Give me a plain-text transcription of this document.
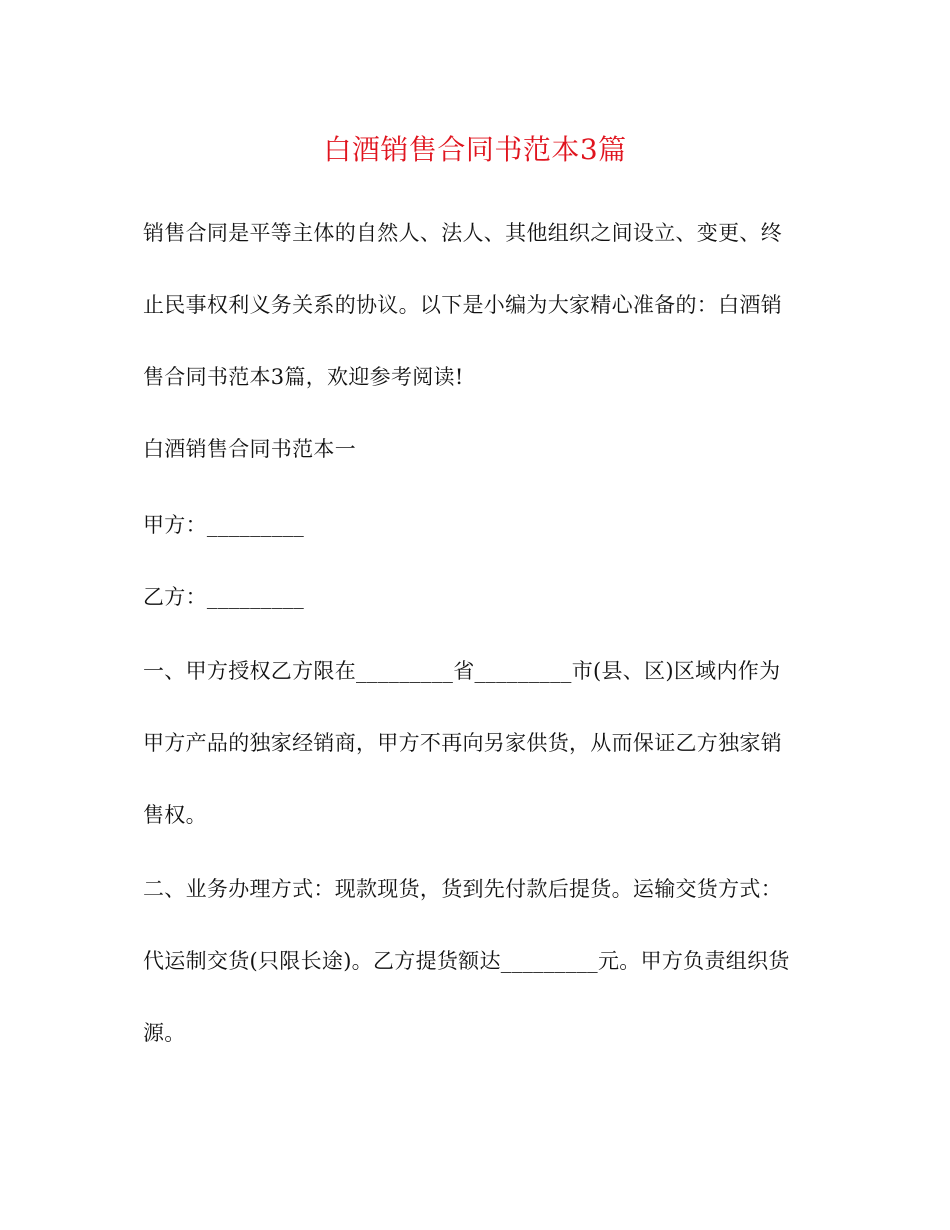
白酒销售合同书范本3篇
销售合同是平等主体的自然人、法人、其他组织之间设立、变更、终
止民事权利义务关系的协议。以下是小编为大家精心准备的：白酒销
售合同书范本3篇，欢迎参考阅读!
白酒销售合同书范本一
甲方：_________
乙方：_________
一、甲方授权乙方限在_________省_________市(县、区)区域内作为
甲方产品的独家经销商，甲方不再向另家供货，从而保证乙方独家销
售权。
二、业务办理方式：现款现货，货到先付款后提货。运输交货方式：
代运制交货(只限长途)。乙方提货额达_________元。甲方负责组织货
源。
